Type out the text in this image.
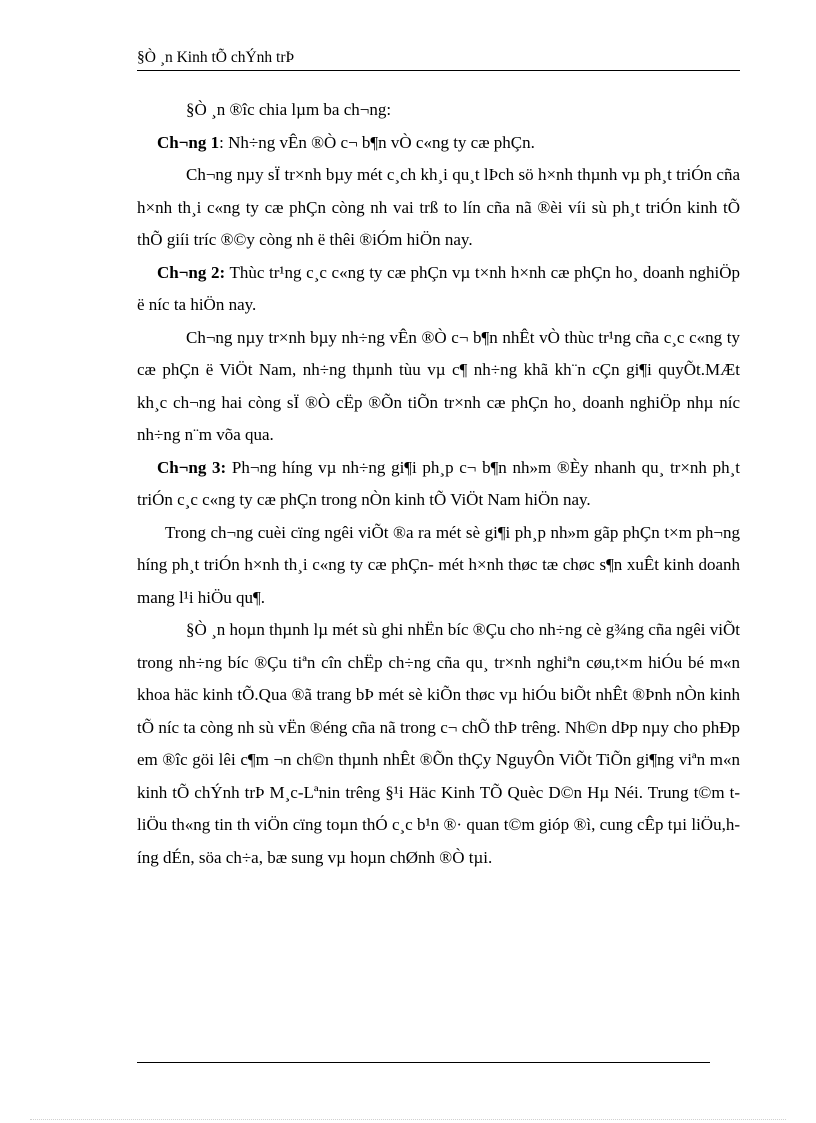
§Ò ¸n Kinh tÕ chÝnh trÞ

§Ò ¸n ®îc chia lµm ba ch¬ng:

Ch¬ng 1: Nh÷ng vÊn ®Ò c¬ b¶n vÒ c«ng ty cæ phÇn.

Ch¬ng nµy sÏ tr×nh bµy mét c¸ch kh¸i qu¸t lÞch sö h×nh thµnh vµ ph¸t triÓn cña h×nh th¸i c«ng ty cæ phÇn còng nh vai trß to lín cña nã ®èi víi sù ph¸t triÓn kinh tÕ thÕ giíi tríc ®©y còng nh ë thêi ®iÓm hiÖn nay.

Ch¬ng 2: Thùc tr¹ng c¸c c«ng ty cæ phÇn vµ t×nh h×nh cæ phÇn ho¸ doanh nghiÖp ë níc ta hiÖn nay.

Ch¬ng nµy tr×nh bµy nh÷ng vÊn ®Ò c¬ b¶n nhÊt vÒ thùc tr¹ng cña c¸c c«ng ty cæ phÇn ë ViÖt Nam, nh÷ng thµnh tùu vµ c¶ nh÷ng khã kh¨n cÇn gi¶i quyÕt.MÆt kh¸c ch¬ng hai còng sÏ ®Ò cËp ®Õn tiÕn tr×nh cæ phÇn ho¸ doanh nghiÖp nhµ níc nh÷ng n¨m võa qua.

Ch¬ng 3: Ph¬ng híng vµ nh÷ng gi¶i ph¸p c¬ b¶n nh»m ®Èy nhanh qu¸ tr×nh ph¸t triÓn c¸c c«ng ty cæ phÇn trong nÒn kinh tÕ ViÖt Nam hiÖn nay.

Trong ch¬ng cuèi cïng ngêi viÕt ®a ra mét sè gi¶i ph¸p nh»m gãp phÇn t×m ph¬ng híng ph¸t triÓn h×nh th¸i c«ng ty cæ phÇn- mét h×nh thøc tæ chøc s¶n xuÊt kinh doanh mang l¹i hiÖu qu¶.

§Ò ¸n hoµn thµnh lµ mét sù ghi nhËn bíc ®Çu cho nh÷ng cè g¾ng cña ngêi viÕt trong nh÷ng bíc ®Çu tiªn cîn chËp ch÷ng cña qu¸ tr×nh nghiªn cøu,t×m hiÓu bé m«n khoa häc kinh tÕ.Qua ®ã trang bÞ mét sè kiÕn thøc vµ hiÓu biÕt nhÊt ®Þnh nÒn kinh tÕ níc ta còng nh sù vËn ®éng cña nã trong c¬ chÕ thÞ trêng. Nh©n dÞp nµy cho phÐp em ®îc göi lêi c¶m ¬n ch©n thµnh nhÊt ®Õn thÇy NguyÔn ViÕt TiÕn gi¶ng viªn m«n kinh tÕ chÝnh trÞ M¸c-Lªnin trêng §¹i Häc Kinh TÕ Quèc D©n Hµ Néi. Trung t©m t liÖu th«ng tin th viÖn cïng toµn thÓ c¸c b¹n ®· quan t©m gióp ®ì, cung cÊp tµi liÖu,híng dÉn, söa ch÷a, bæ sung vµ hoµn chØnh ®Ò tµi.
